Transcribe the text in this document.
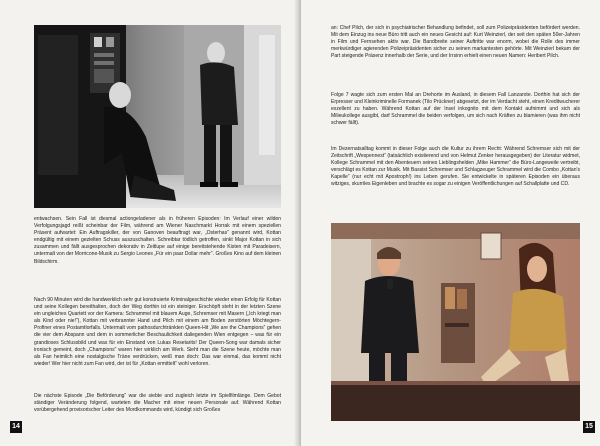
entwachsen. Sein Fall ist diesmal actiongeladener als in früheren Episoden: Im Verlauf einer wilden Verfolgungsjagd reißt scheinbar der Film, während am Wiener Naschmarkt Horrak mit einem speziellen Präsent aufwartet: Ein Auftragskiller, der von Ganoven beauftragt war, „Osterhas“ genannt wird, Kottan endgültig mit einem gezielten Schuss auszuschalten. Schreibtar tödlich getroffen, sinkt Major Kottan in sich zusammen und fällt ausgesprochen dekorativ in Zeitlupe auf einige bereitstehende Kisten mit Paradeisern, untermalt von der Morricone-Musik zu Sergio Leones „Für ein paar Dollar mehr“. Großes Kino auf dem kleinen Bildschirm.

Nach 90 Minuten wird die handwerklich sehr gut konstruierte Kriminalgeschichte wieder einen Erfolg für Kottan und seine Kollegen bereithalten, doch der Weg dorthin ist ein steiniger. Erschöpft steht in der letzten Szene ein ungleiches Quartett vor der Kamera: Schrammel mit blauem Auge, Schremser mit Masern („Ich kriegt man als Kind oder nie!“), Kottan mit verbrannter Hand und Pilch mit einem am Boden zerstörten Möchtegern-Profiner eines Postamtlorfalls. Untermalt vom pathosdurchtränkten Queen-Hit „We are the Champions“ gehen die vier dem Abspann und dem in sommerlicher Beschaulichkeit daliegenden Wien entgegen – was für ein grandioses Schlussbild und was für ein Einstand von Lukas Resetarits! Der Queen-Song war damals sicher ironisch gemeint, doch „Champions“ waren hier wirklich am Werk. Sieht man die Szene heute, möchte man als Fan heimlich eine nostalgische Träne verdrücken, weiß man doch: Das war einmal, das kommt nicht wieder! Wer hier nicht zum Fan wird, der ist für „Kottan ermittelt“ wohl verloren.

Die nächste Episode „Die Beförderung“ war die siebte und zugleich letzte im Spielfilmlänge. Dem Gebot ständiger Veränderung folgend, warteten die Macher mit einer neuen Personale auf. Während Kottan vorübergehend provisorischer Leiter des Mordkommands wird, kündigt sich Großes

14

an: Chef Pilch, der sich in psychiatrischer Behandlung befindet, soll zum Polizeipräsidenten befördert werden. Mit dem Einzug ins neue Büro tritt auch ein neues Gesicht auf: Kurt Weinzierl, der seit den späten 50er-Jahren in Film und Fernsehen aktiv war. Die Bandbreite seiner Auftritte war enorm, wobei die Rolle des immer merkwürdiger agierenden Polizeipräsidenten sicher zu seinen markantesten gehörte. Mit Weinzierl bekam der Part steigende Präsenz innerhalb der Serie, und der Irrsinn erhielt einen neuen Namen: Heribert Pilch.

Folge 7 wagte sich zum ersten Mal an Drehorte im Ausland, in diesem Fall Lanzarote. Dorthin hat sich der Erpresser und Kleinkriminelle Formanek (Tilo Prückner) abgesetzt, der im Verdacht steht, einen Kreditwucherer exzellent zu haben. Während Kottan auf der Insel inkognito mit dem Kontakt aufnimmt und sich als Milieukollege ausgibt, darf Schrammel die beiden verfolgen, um sich nach Kräften zu blamieren (was ihm nicht schwer fällt).

Im Dezernatsalltag kommt in dieser Folge auch die Kultur zu ihrem Recht: Während Schremser sich mit der Zeitschrift „Wespennest“ (tatsächlich existierend und von Helmut Zenker herausgegeben) der Literatur widmet, Kollege Schrammel mit den Abenteuern seines Lieblingshelden „Mike Hammer“ die Büro-Langeweile vertreibt, verschlägt es Kottan zur Musik. Mit Bassist Schremser und Schlagzeuger Schrammel wird die Combo „Kottan's Kapelle“ (nur echt mit Apostroph!) ins Leben gerufen. Sie entwickelte in späteren Episoden ein überaus witziges, skurriles Eigenleben und brachte es sogar zu einigen Veröffentlichungen auf Schallplatte und CD.

15
